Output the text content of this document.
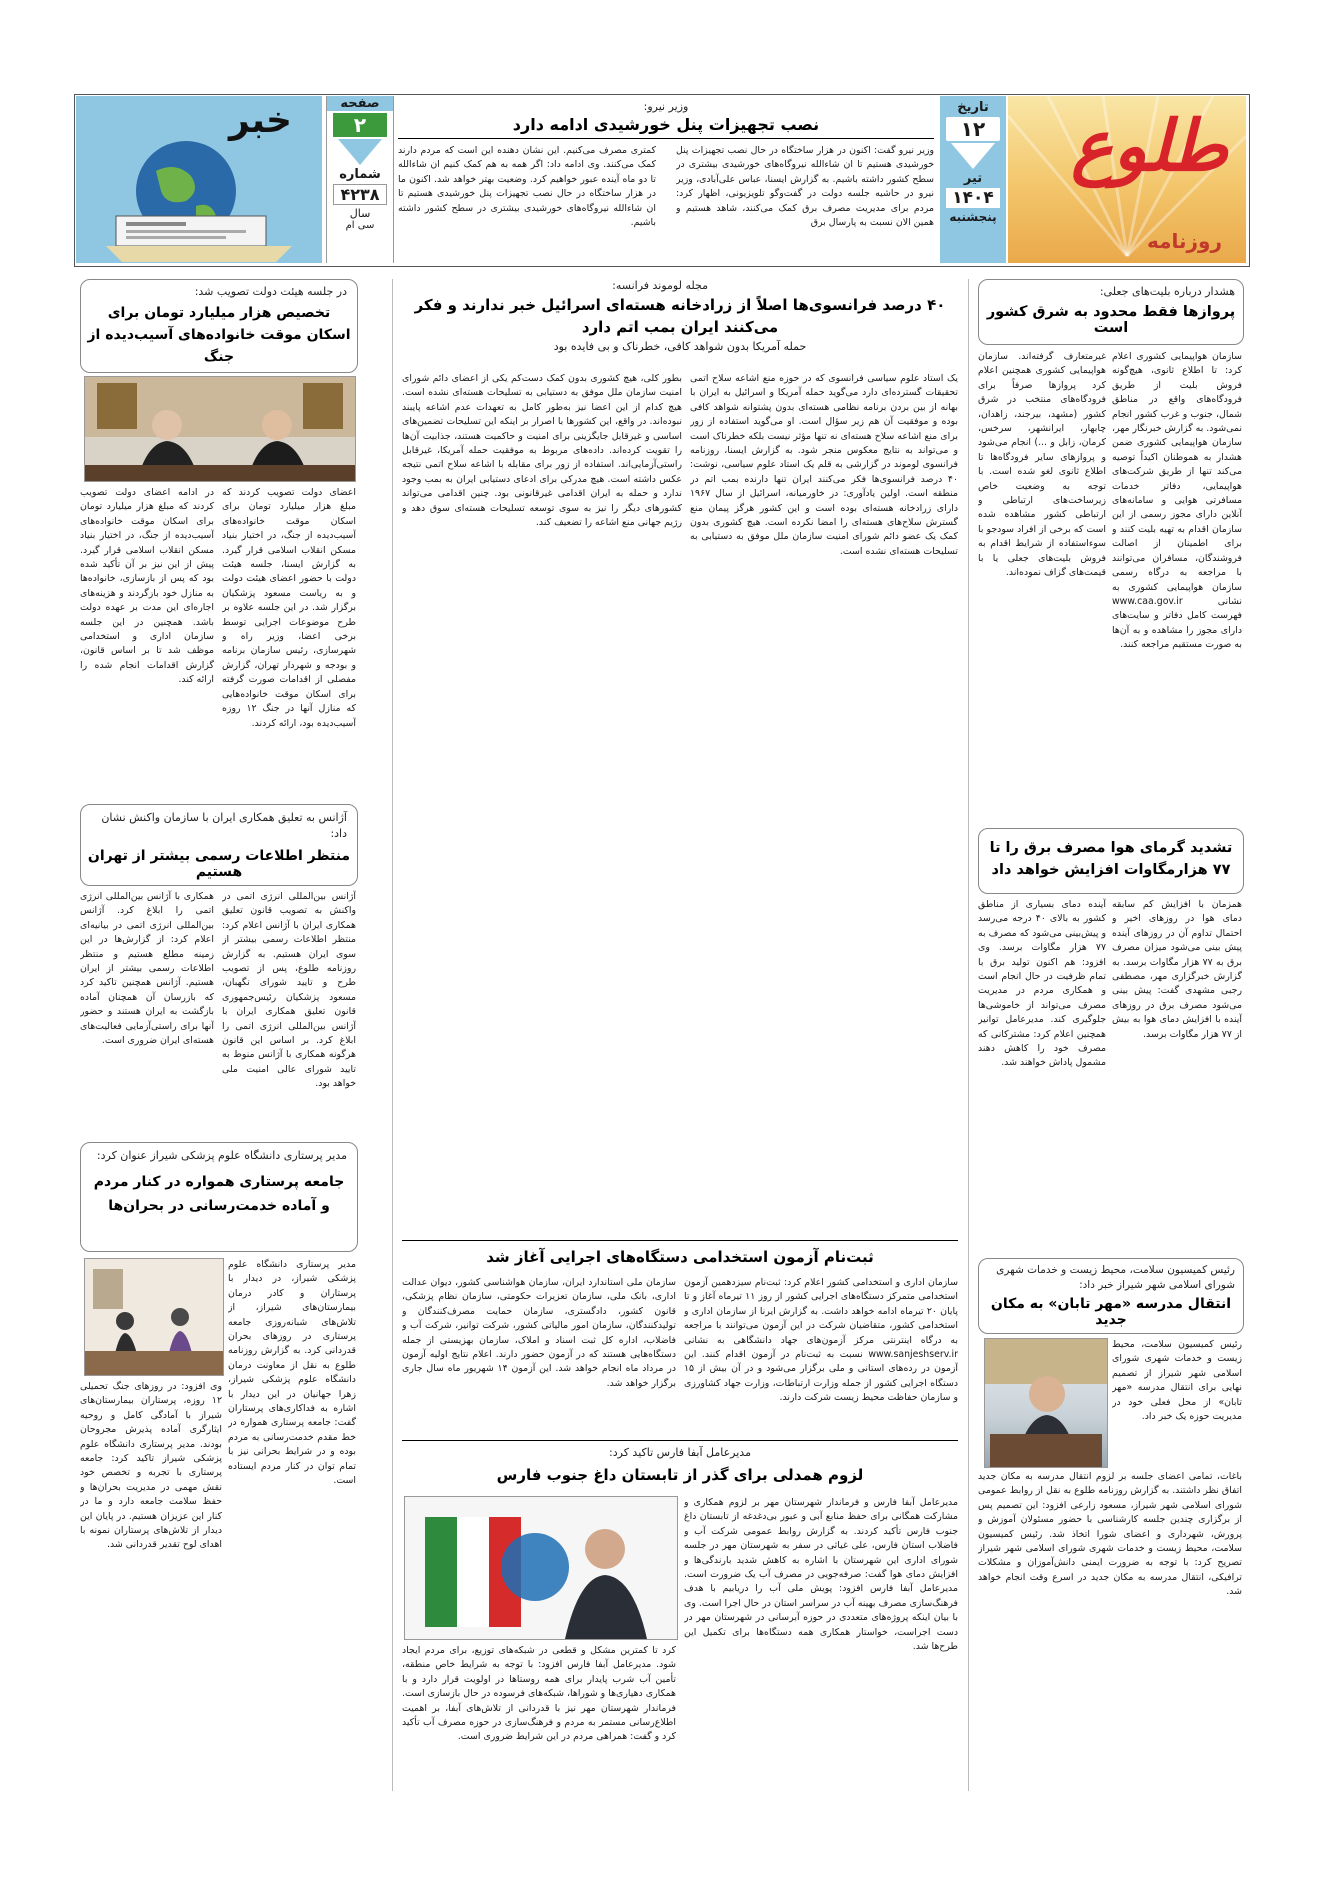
طلوع
روزنامه
تاریخ
۱۲
تیر
۱۴۰۴
پنجشنبه
وزیر نیرو:
نصب تجهیزات پنل خورشیدی ادامه دارد
وزیر نیرو گفت: اکنون در هزار ساختگاه در حال نصب تجهیزات پنل خورشیدی هستیم تا ان شاءالله نیروگاه‌های خورشیدی بیشتری در سطح کشور داشته باشیم. به گزارش ایسنا، عباس علی‌آبادی، وزیر نیرو در حاشیه جلسه دولت در گفت‌وگو تلویزیونی، اظهار کرد: مردم برای مدیریت مصرف برق کمک می‌کنند، شاهد هستیم و همین الان نسبت به پارسال برق
کمتری مصرف می‌کنیم. این نشان دهنده این است که مردم دارند کمک می‌کنند. وی ادامه داد: اگر همه به هم کمک کنیم ان شاءالله تا دو ماه آینده عبور خواهیم کرد. وضعیت بهتر خواهد شد. اکنون ما در هزار ساختگاه در حال نصب تجهیزات پنل خورشیدی هستیم تا ان شاءالله نیروگاه‌های خورشیدی بیشتری در سطح کشور داشته باشیم.
صفحه
۲
شماره
۴۲۳۸
سال
سی ام
خبر
هشدار درباره بلیت‌های جعلی:
پروازها فقط محدود به شرق کشور است
سازمان هواپیمایی کشوری اعلام کرد: تا اطلاع ثانوی، هیچ‌گونه فروش بلیت از طریق فرودگاه‌های واقع در مناطق شمال، جنوب و غرب کشور انجام نمی‌شود. به گزارش خبرنگار مهر، سازمان هواپیمایی کشوری ضمن هشدار به هموطنان اکیداً توصیه می‌کند تنها از طریق شرکت‌های هواپیمایی، دفاتر خدمات مسافرتی هوایی و سامانه‌های آنلاین دارای مجوز رسمی از این سازمان اقدام به تهیه بلیت کنند و برای اطمینان از اصالت فروشندگان، مسافران می‌توانند با مراجعه به درگاه رسمی سازمان هواپیمایی کشوری به نشانی www.caa.gov.ir فهرست کامل دفاتر و سایت‌های دارای مجوز را مشاهده و به آن‌ها به صورت مستقیم مراجعه کنند.
غیرمتعارف گرفته‌اند. سازمان هواپیمایی کشوری همچنین اعلام کرد پروازها صرفاً برای فرودگاه‌های منتخب در شرق کشور (مشهد، بیرجند، زاهدان، چابهار، ایرانشهر، سرخس، کرمان، زابل و ...) انجام می‌شود و پروازهای سایر فرودگاه‌ها تا اطلاع ثانوی لغو شده است. با توجه به وضعیت خاص زیرساخت‌های ارتباطی و ارتباطی کشور مشاهده شده است که برخی از افراد سودجو با سوءاستفاده از شرایط اقدام به فروش بلیت‌های جعلی یا با قیمت‌های گزاف نموده‌اند.
تشدید گرمای هوا مصرف برق را تا ۷۷ هزارمگاوات افزایش خواهد داد
همزمان با افزایش کم سابقه دمای هوا در روزهای اخیر و احتمال تداوم آن در روزهای آینده پیش بینی می‌شود میزان مصرف برق به ۷۷ هزار مگاوات برسد. به گزارش خبرگزاری مهر، مصطفی رجبی مشهدی گفت: پیش بینی می‌شود مصرف برق در روزهای آینده با افزایش دمای هوا به بیش از ۷۷ هزار مگاوات برسد.
آینده دمای بسیاری از مناطق کشور به بالای ۴۰ درجه می‌رسد و پیش‌بینی می‌شود که مصرف به ۷۷ هزار مگاوات برسد. وی افزود: هم اکنون تولید برق با تمام ظرفیت در حال انجام است و همکاری مردم در مدیریت مصرف می‌تواند از خاموشی‌ها جلوگیری کند. مدیرعامل توانیر همچنین اعلام کرد: مشترکانی که مصرف خود را کاهش دهند مشمول پاداش خواهند شد.
رئیس کمیسیون سلامت، محیط زیست و خدمات شهری شورای اسلامی شهر شیراز خبر داد:
انتقال مدرسه «مهر تابان» به مکان جدید
رئیس کمیسیون سلامت، محیط زیست و خدمات شهری شورای اسلامی شهر شیراز از تصمیم نهایی برای انتقال مدرسه «مهر تابان» از محل فعلی خود در مدیریت حوزه یک خبر داد.
باغات، تمامی اعضای جلسه بر لزوم انتقال مدرسه به مکان جدید اتفاق نظر داشتند. به گزارش روزنامه طلوع به نقل از روابط عمومی شورای اسلامی شهر شیراز، مسعود زارعی افزود: این تصمیم پس از برگزاری چندین جلسه کارشناسی با حضور مسئولان آموزش و پرورش، شهرداری و اعضای شورا اتخاذ شد. رئیس کمیسیون سلامت، محیط زیست و خدمات شهری شورای اسلامی شهر شیراز تصریح کرد: با توجه به ضرورت ایمنی دانش‌آموزان و مشکلات ترافیکی، انتقال مدرسه به مکان جدید در اسرع وقت انجام خواهد شد.
مجله لوموند فرانسه:
۴۰ درصد فرانسوی‌ها اصلاً از زرادخانه هسته‌ای اسرائیل خبر ندارند و فکر می‌کنند ایران بمب اتم دارد
حمله آمریکا بدون شواهد کافی، خطرناک و بی فایده بود
یک استاد علوم سیاسی فرانسوی که در حوزه منع اشاعه سلاح اتمی تحقیقات گسترده‌ای دارد می‌گوید حمله آمریکا و اسرائیل به ایران با بهانه از بین بردن برنامه نظامی هسته‌ای بدون پشتوانه شواهد کافی بوده و موفقیت آن هم زیر سؤال است. او می‌گوید استفاده از زور برای منع اشاعه سلاح هسته‌ای نه تنها مؤثر نیست بلکه خطرناک است و می‌تواند به نتایج معکوس منجر شود. به گزارش ایسنا، روزنامه فرانسوی لوموند در گزارشی به قلم یک استاد علوم سیاسی، نوشت: ۴۰ درصد فرانسوی‌ها فکر می‌کنند ایران تنها دارنده بمب اتم در منطقه است. اولین یادآوری: در خاورمیانه، اسرائیل از سال ۱۹۶۷ دارای زرادخانه هسته‌ای بوده است و این کشور هرگز پیمان منع گسترش سلاح‌های هسته‌ای را امضا نکرده است. هیچ کشوری بدون کمک یک عضو دائم شورای امنیت سازمان ملل موفق به دستیابی به تسلیحات هسته‌ای نشده است.
بطور کلی، هیچ کشوری بدون کمک دست‌کم یکی از اعضای دائم شورای امنیت سازمان ملل موفق به دستیابی به تسلیحات هسته‌ای نشده است. هیچ کدام از این اعضا نیز به‌طور کامل به تعهدات عدم اشاعه پایبند نبوده‌اند. در واقع، این کشورها با اصرار بر اینکه این تسلیحات تضمین‌های اساسی و غیرقابل جایگزینی برای امنیت و حاکمیت هستند، جذابیت آن‌ها را تقویت کرده‌اند. داده‌های مربوط به موفقیت حمله آمریکا، غیرقابل راستی‌آزمایی‌اند. استفاده از زور برای مقابله با اشاعه سلاح اتمی نتیجه عکس داشته است. هیچ مدرکی برای ادعای دستیابی ایران به بمب وجود ندارد و حمله به ایران اقدامی غیرقانونی بود. چنین اقدامی می‌تواند کشورهای دیگر را نیز به سوی توسعه تسلیحات هسته‌ای سوق دهد و رژیم جهانی منع اشاعه را تضعیف کند.
ثبت‌نام آزمون استخدامی دستگاه‌های اجرایی آغاز شد
سازمان اداری و استخدامی کشور اعلام کرد: ثبت‌نام سیزدهمین آزمون استخدامی متمرکز دستگاه‌های اجرایی کشور از روز ۱۱ تیرماه آغاز و تا پایان ۲۰ تیرماه ادامه خواهد داشت. به گزارش ایرنا از سازمان اداری و استخدامی کشور، متقاضیان شرکت در این آزمون می‌توانند با مراجعه به درگاه اینترنتی مرکز آزمون‌های جهاد دانشگاهی به نشانی www.sanjeshserv.ir نسبت به ثبت‌نام در آزمون اقدام کنند. این آزمون در رده‌های استانی و ملی برگزار می‌شود و در آن بیش از ۱۵ دستگاه اجرایی کشور از جمله وزارت ارتباطات، وزارت جهاد کشاورزی و سازمان حفاظت محیط زیست شرکت دارند.
سازمان ملی استاندارد ایران، سازمان هواشناسی کشور، دیوان عدالت اداری، بانک ملی، سازمان تعزیرات حکومتی، سازمان نظام پزشکی، قانون کشور، دادگستری، سازمان حمایت مصرف‌کنندگان و تولیدکنندگان، سازمان امور مالیاتی کشور، شرکت توانیر، شرکت آب و فاضلاب، اداره کل ثبت اسناد و املاک، سازمان بهزیستی از جمله دستگاه‌هایی هستند که در آزمون حضور دارند. اعلام نتایج اولیه آزمون در مرداد ماه انجام خواهد شد. این آزمون ۱۴ شهریور ماه سال جاری برگزار خواهد شد.
مدیرعامل آبفا فارس تاکید کرد:
لزوم همدلی برای گذر از تابستان داغ جنوب فارس
مدیرعامل آبفا فارس و فرماندار شهرستان مهر بر لزوم همکاری و مشارکت همگانی برای حفظ منابع آبی و عبور بی‌دغدغه از تابستان داغ جنوب فارس تأکید کردند. به گزارش روابط عمومی شرکت آب و فاضلاب استان فارس، علی غیاثی در سفر به شهرستان مهر در جلسه شورای اداری این شهرستان با اشاره به کاهش شدید بارندگی‌ها و افزایش دمای هوا گفت: صرفه‌جویی در مصرف آب یک ضرورت است. مدیرعامل آبفا فارس افزود: پویش ملی آب را دریابیم با هدف فرهنگ‌سازی مصرف بهینه آب در سراسر استان در حال اجرا است. وی با بیان اینکه پروژه‌های متعددی در حوزه آبرسانی در شهرستان مهر در دست اجراست، خواستار همکاری همه دستگاه‌ها برای تکمیل این طرح‌ها شد.
کرد تا کمترین مشکل و قطعی در شبکه‌های توزیع، برای مردم ایجاد شود. مدیرعامل آبفا فارس افزود: با توجه به شرایط خاص منطقه، تأمین آب شرب پایدار برای همه روستاها در اولویت قرار دارد و با همکاری دهیاری‌ها و شوراها، شبکه‌های فرسوده در حال بازسازی است. فرماندار شهرستان مهر نیز با قدردانی از تلاش‌های آبفا، بر اهمیت اطلاع‌رسانی مستمر به مردم و فرهنگ‌سازی در حوزه مصرف آب تأکید کرد و گفت: همراهی مردم در این شرایط ضروری است.
در جلسه هیئت دولت تصویب شد:
تخصیص هزار میلیارد تومان برای اسکان موقت خانواده‌های آسیب‌دیده از جنگ
اعضای دولت تصویب کردند که مبلغ هزار میلیارد تومان برای اسکان موقت خانواده‌های آسیب‌دیده از جنگ، در اختیار بنیاد مسکن انقلاب اسلامی قرار گیرد. به گزارش ایسنا، جلسه هیئت دولت با حضور اعضای هیئت دولت و به ریاست مسعود پزشکیان برگزار شد. در این جلسه علاوه بر طرح موضوعات اجرایی توسط برخی اعضا، وزیر راه و شهرسازی، رئیس سازمان برنامه و بودجه و شهردار تهران، گزارش مفصلی از اقدامات صورت گرفته برای اسکان موقت خانواده‌هایی که منازل آنها در جنگ ۱۲ روزه آسیب‌دیده بود، ارائه کردند.
در ادامه اعضای دولت تصویب کردند که مبلغ هزار میلیارد تومان برای اسکان موقت خانواده‌های آسیب‌دیده از جنگ، در اختیار بنیاد مسکن انقلاب اسلامی قرار گیرد. پیش از این نیز بر آن تأکید شده بود که پس از بازسازی، خانواده‌ها به منازل خود بازگردند و هزینه‌های اجاره‌ای این مدت بر عهده دولت باشد. همچنین در این جلسه سازمان اداری و استخدامی موظف شد تا بر اساس قانون، گزارش اقدامات انجام شده را ارائه کند.
آژانس به تعلیق همکاری ایران با سازمان واکنش نشان داد:
منتظر اطلاعات رسمی بیشتر از تهران هستیم
آژانس بین‌المللی انرژی اتمی در واکنش به تصویب قانون تعلیق همکاری ایران با آژانس اعلام کرد: منتظر اطلاعات رسمی بیشتر از سوی ایران هستیم. به گزارش روزنامه طلوع، پس از تصویب طرح و تایید شورای نگهبان، مسعود پزشکیان رئیس‌جمهوری قانون تعلیق همکاری ایران با آژانس بین‌المللی انرژی اتمی را ابلاغ کرد. بر اساس این قانون هرگونه همکاری با آژانس منوط به تایید شورای عالی امنیت ملی خواهد بود.
همکاری با آژانس بین‌المللی انرژی اتمی را ابلاغ کرد. آژانس بین‌المللی انرژی اتمی در بیانیه‌ای اعلام کرد: از گزارش‌ها در این زمینه مطلع هستیم و منتظر اطلاعات رسمی بیشتر از ایران هستیم. آژانس همچنین تاکید کرد که بازرسان آن همچنان آماده بازگشت به ایران هستند و حضور آنها برای راستی‌آزمایی فعالیت‌های هسته‌ای ایران ضروری است.
مدیر پرستاری دانشگاه علوم پزشکی شیراز عنوان کرد:
جامعه پرستاری همواره در کنار مردم و آماده خدمت‌رسانی در بحران‌ها
مدیر پرستاری دانشگاه علوم پزشکی شیراز، در دیدار با پرستاران و کادر درمان بیمارستان‌های شیراز، از تلاش‌های شبانه‌روزی جامعه پرستاری در روزهای بحران قدردانی کرد. به گزارش روزنامه طلوع به نقل از معاونت درمان دانشگاه علوم پزشکی شیراز، زهرا جهانیان در این دیدار با اشاره به فداکاری‌های پرستاران گفت: جامعه پرستاری همواره در خط مقدم خدمت‌رسانی به مردم بوده و در شرایط بحرانی نیز با تمام توان در کنار مردم ایستاده است.
وی افزود: در روزهای جنگ تحمیلی ۱۲ روزه، پرستاران بیمارستان‌های شیراز با آمادگی کامل و روحیه ایثارگری آماده پذیرش مجروحان بودند. مدیر پرستاری دانشگاه علوم پزشکی شیراز تاکید کرد: جامعه پرستاری با تجربه و تخصص خود نقش مهمی در مدیریت بحران‌ها و حفظ سلامت جامعه دارد و ما در کنار این عزیزان هستیم. در پایان این دیدار از تلاش‌های پرستاران نمونه با اهدای لوح تقدیر قدردانی شد.
